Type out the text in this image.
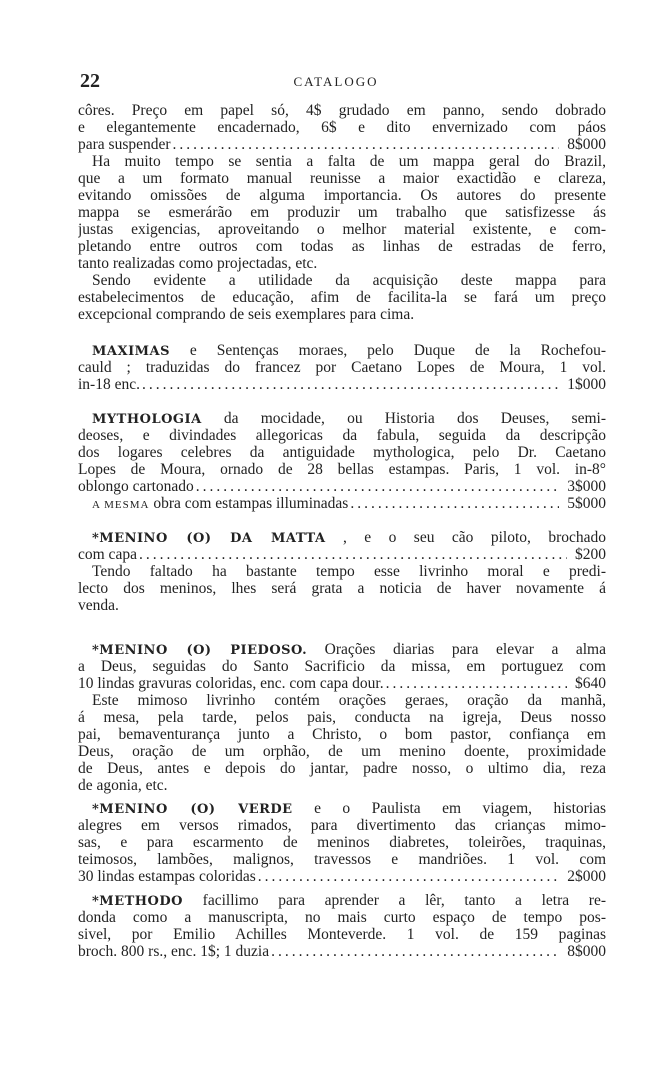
22	CATALOGO
côres. Preço em papel só, 4$ grudado em panno, sendo dobrado
e elegantemente encadernado, 6$ e dito envernizado com páos
para suspender .....	8$000
Ha muito tempo se sentia a falta de um mappa geral do Brazil,
que a um formato manual reunisse a maior exactidão e clareza,
evitando omissões de alguma importancia. Os autores do presente
mappa se esmerárão em produzir um trabalho que satisfizesse ás
justas exigencias, aproveitando o melhor material existente, e com-
pletando entre outros com todas as linhas de estradas de ferro,
tanto realizadas como projectadas, etc.
Sendo evidente a utilidade da acquisição deste mappa para
estabelecimentos de educação, afim de facilita-la se fará um preço
excepcional comprando de seis exemplares para cima.
MAXIMAS e Sentenças moraes, pelo Duque de la Rochefou-
cauld ; traduzidas do francez por Caetano Lopes de Moura, 1 vol.
in-18 enc. .....	1$000
MYTHOLOGIA da mocidade, ou Historia dos Deuses, semi-
deoses, e divindades allegoricas da fabula, seguida da descripção
dos logares celebres da antiguidade mythologica, pelo Dr. Caetano
Lopes de Moura, ornado de 28 bellas estampas. Paris, 1 vol. in-8°
oblongo cartonado .....	3$000
A MESMA obra com estampas illuminadas .....	5$000
*MENINO (O) DA MATTA , e o seu cão piloto, brochado
com capa .....	$200
Tendo faltado ha bastante tempo esse livrinho moral e predi-
lecto dos meninos, lhes será grata a noticia de haver novamente á
venda.
*MENINO (O) PIEDOSO. Orações diarias para elevar a alma
a Deus, seguidas do Santo Sacrificio da missa, em portuguez com
10 lindas gravuras coloridas, enc. com capa dour. .....	$640
Este mimoso livrinho contém orações geraes, oração da manhã,
á mesa, pela tarde, pelos pais, conducta na igreja, Deus nosso
pai, bemaventurança junto a Christo, o bom pastor, confiança em
Deus, oração de um orphão, de um menino doente, proximidade
de Deus, antes e depois do jantar, padre nosso, o ultimo dia, reza
de agonia, etc.
*MENINO (O) VERDE e o Paulista em viagem, historias
alegres em versos rimados, para divertimento das crianças mimo-
sas, e para escarmento de meninos diabretes, toleirões, traquinas,
teimosos, lambões, malignos, travessos e mandriões. 1 vol. com
30 lindas estampas coloridas .....	2$000
*METHODO facillimo para aprender a lêr, tanto a letra re-
donda como a manuscripta, no mais curto espaço de tempo pos-
sivel, por Emilio Achilles Monteverde. 1 vol. de 159 paginas
broch. 800 rs., enc. 1$; 1 duzia .....	8$000
